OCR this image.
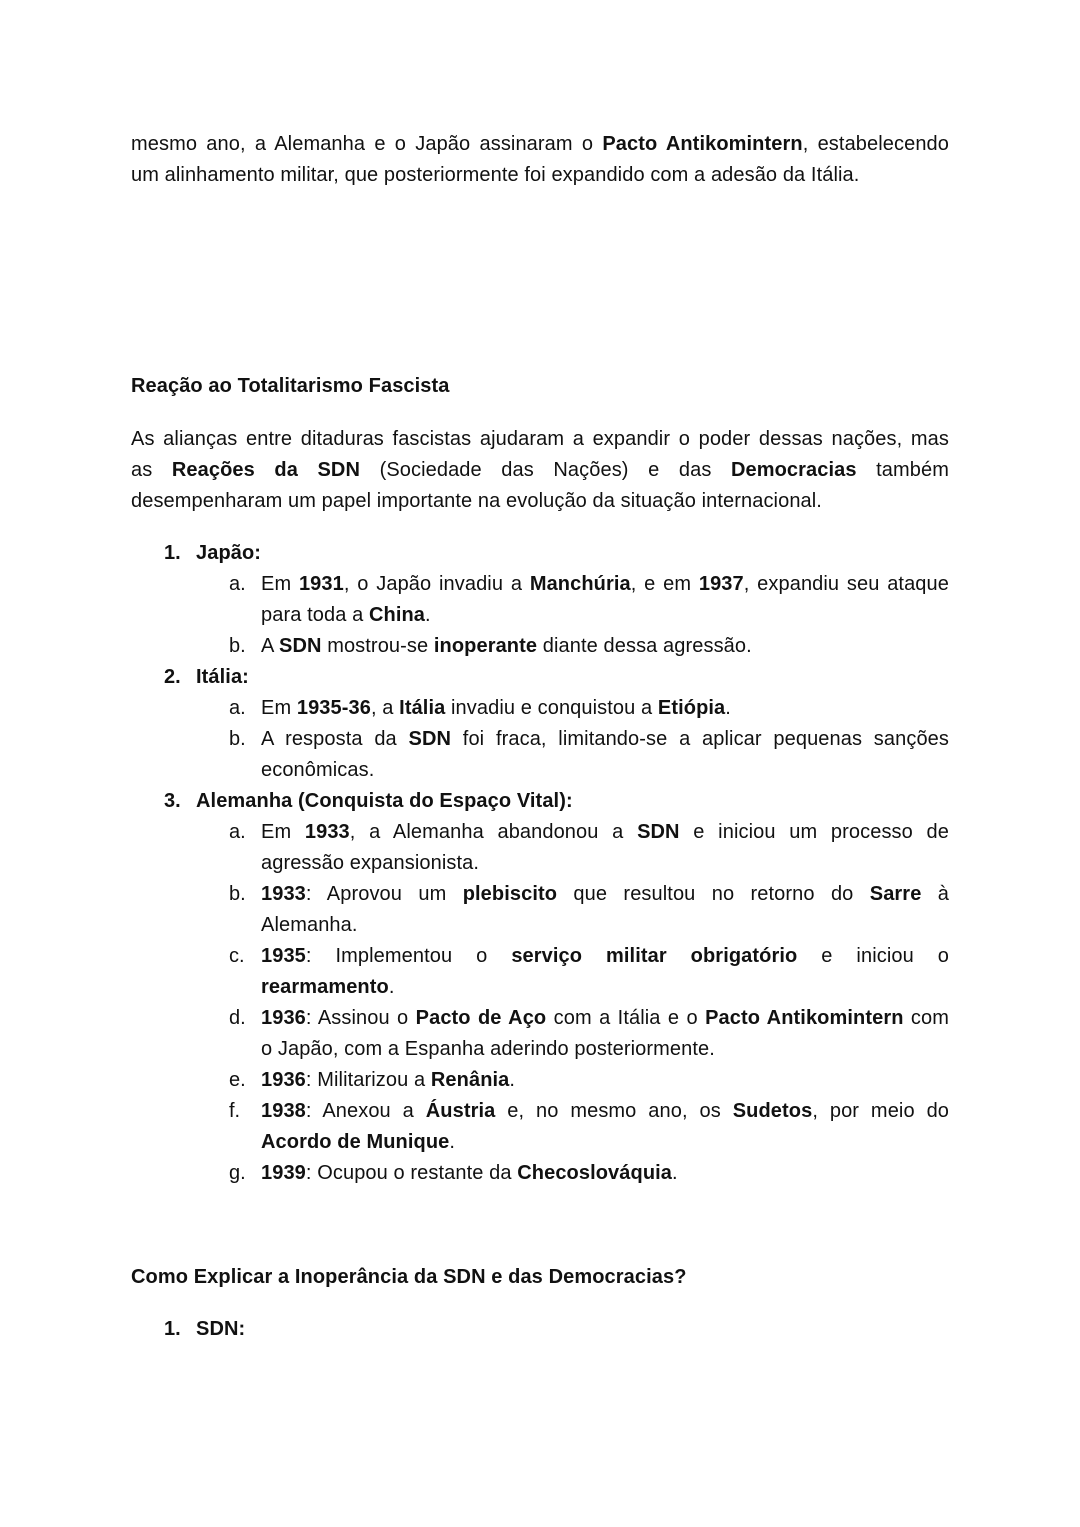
mesmo ano, a Alemanha e o Japão assinaram o Pacto Antikomintern, estabelecendo
um alinhamento militar, que posteriormente foi expandido com a adesão da Itália.
Reação ao Totalitarismo Fascista
As alianças entre ditaduras fascistas ajudaram a expandir o poder dessas nações, mas
as Reações da SDN (Sociedade das Nações) e das Democracias também
desempenharam um papel importante na evolução da situação internacional.
1. Japão:
a. Em 1931, o Japão invadiu a Manchúria, e em 1937, expandiu seu ataque
para toda a China.
b. A SDN mostrou-se inoperante diante dessa agressão.
2. Itália:
a. Em 1935-36, a Itália invadiu e conquistou a Etiópia.
b. A resposta da SDN foi fraca, limitando-se a aplicar pequenas sanções
econômicas.
3. Alemanha (Conquista do Espaço Vital):
a. Em 1933, a Alemanha abandonou a SDN e iniciou um processo de
agressão expansionista.
b. 1933: Aprovou um plebiscito que resultou no retorno do Sarre à
Alemanha.
c. 1935: Implementou o serviço militar obrigatório e iniciou o
rearmamento.
d. 1936: Assinou o Pacto de Aço com a Itália e o Pacto Antikomintern com
o Japão, com a Espanha aderindo posteriormente.
e. 1936: Militarizou a Renânia.
f. 1938: Anexou a Áustria e, no mesmo ano, os Sudetos, por meio do
Acordo de Munique.
g. 1939: Ocupou o restante da Checoslováquia.
Como Explicar a Inoperância da SDN e das Democracias?
1. SDN:
